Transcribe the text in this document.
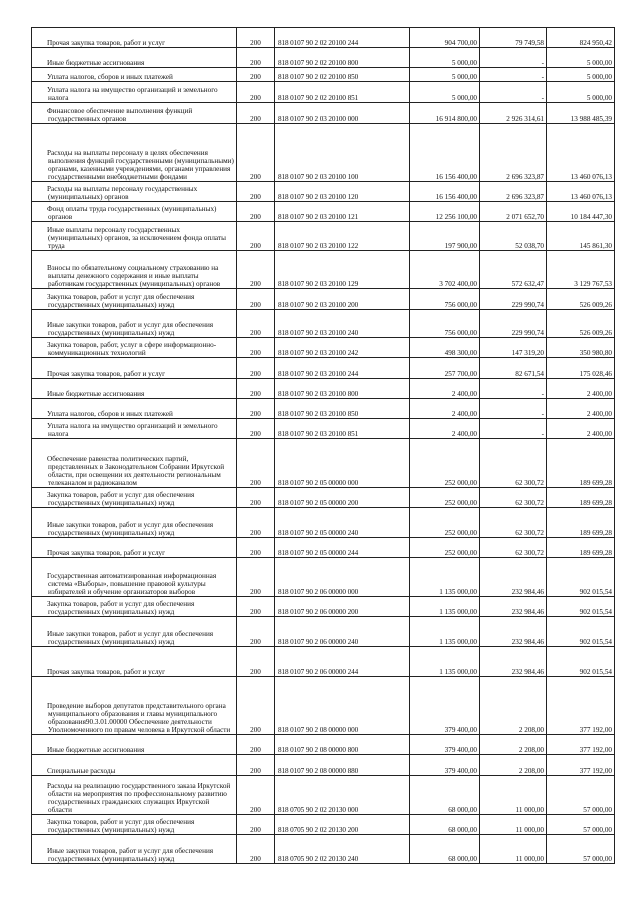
Прочая закупка товаров, работ и услуг	200	818 0107 90 2 02 20100 244	904 700,00	79 749,58	824 950,42
Иные бюджетные ассигнования	200	818 0107 90 2 02 20100 800	5 000,00	-	5 000,00
Уплата налогов, сборов и иных платежей	200	818 0107 90 2 02 20100 850	5 000,00	-	5 000,00
Уплата налога на имущество организаций и земельного налога	200	818 0107 90 2 02 20100 851	5 000,00	-	5 000,00
Финансовое обеспечение выполнения функций государственных органов	200	818 0107 90 2 03 20100 000	16 914 800,00	2 926 314,61	13 988 485,39
Расходы на выплаты персоналу в целях обеспечения выполнения функций государственными (муниципальными) органами, казенными учреждениями, органами управления государственными внебюджетными фондами	200	818 0107 90 2 03 20100 100	16 156 400,00	2 696 323,87	13 460 076,13
Расходы на выплаты персоналу государственных (муниципальных) органов	200	818 0107 90 2 03 20100 120	16 156 400,00	2 696 323,87	13 460 076,13
Фонд оплаты труда государственных (муниципальных) органов	200	818 0107 90 2 03 20100 121	12 256 100,00	2 071 652,70	10 184 447,30
Иные выплаты персоналу государственных (муниципальных) органов, за исключением фонда оплаты труда	200	818 0107 90 2 03 20100 122	197 900,00	52 038,70	145 861,30
Взносы по обязательному социальному страхованию на выплаты денежного содержания и иные выплаты работникам государственных (муниципальных) органов	200	818 0107 90 2 03 20100 129	3 702 400,00	572 632,47	3 129 767,53
Закупка товаров, работ и услуг для обеспечения государственных (муниципальных) нужд	200	818 0107 90 2 03 20100 200	756 000,00	229 990,74	526 009,26
Иные закупки товаров, работ и услуг для обеспечения государственных (муниципальных) нужд	200	818 0107 90 2 03 20100 240	756 000,00	229 990,74	526 009,26
Закупка товаров, работ, услуг в сфере информационно-коммуникационных технологий	200	818 0107 90 2 03 20100 242	498 300,00	147 319,20	350 980,80
Прочая закупка товаров, работ и услуг	200	818 0107 90 2 03 20100 244	257 700,00	82 671,54	175 028,46
Иные бюджетные ассигнования	200	818 0107 90 2 03 20100 800	2 400,00	-	2 400,00
Уплата налогов, сборов и иных платежей	200	818 0107 90 2 03 20100 850	2 400,00	-	2 400,00
Уплата налога на имущество организаций и земельного налога	200	818 0107 90 2 03 20100 851	2 400,00	-	2 400,00
Обеспечение равенства политических партий, представленных в Законодательном Собрании Иркутской области, при освещении их деятельности региональным телеканалом и радиоканалом	200	818 0107 90 2 05 00000 000	252 000,00	62 300,72	189 699,28
Закупка товаров, работ и услуг для обеспечения государственных (муниципальных) нужд	200	818 0107 90 2 05 00000 200	252 000,00	62 300,72	189 699,28
Иные закупки товаров, работ и услуг для обеспечения государственных (муниципальных) нужд	200	818 0107 90 2 05 00000 240	252 000,00	62 300,72	189 699,28
Прочая закупка товаров, работ и услуг	200	818 0107 90 2 05 00000 244	252 000,00	62 300,72	189 699,28
Государственная автоматизированная информационная система «Выборы», повышение правовой культуры избирателей и обучение организаторов выборов	200	818 0107 90 2 06 00000 000	1 135 000,00	232 984,46	902 015,54
Закупка товаров, работ и услуг для обеспечения государственных (муниципальных) нужд	200	818 0107 90 2 06 00000 200	1 135 000,00	232 984,46	902 015,54
Иные закупки товаров, работ и услуг для обеспечения государственных (муниципальных) нужд	200	818 0107 90 2 06 00000 240	1 135 000,00	232 984,46	902 015,54
Прочая закупка товаров, работ и услуг	200	818 0107 90 2 06 00000 244	1 135 000,00	232 984,46	902 015,54
Проведение выборов депутатов представительного органа муниципального образования и главы муниципального образования90.3.01.00000 Обеспечение деятельности Уполномоченного по правам человека в Иркутской области	200	818 0107 90 2 08 00000 000	379 400,00	2 208,00	377 192,00
Иные бюджетные ассигнования	200	818 0107 90 2 08 00000 800	379 400,00	2 208,00	377 192,00
Специальные расходы	200	818 0107 90 2 08 00000 880	379 400,00	2 208,00	377 192,00
Расходы на реализацию государственного заказа Иркутской области на мероприятия по профессиональному развитию государственных гражданских служащих Иркутской области	200	818 0705 90 2 02 20130 000	68 000,00	11 000,00	57 000,00
Закупка товаров, работ и услуг для обеспечения государственных (муниципальных) нужд	200	818 0705 90 2 02 20130 200	68 000,00	11 000,00	57 000,00
Иные закупки товаров, работ и услуг для обеспечения государственных (муниципальных) нужд	200	818 0705 90 2 02 20130 240	68 000,00	11 000,00	57 000,00
